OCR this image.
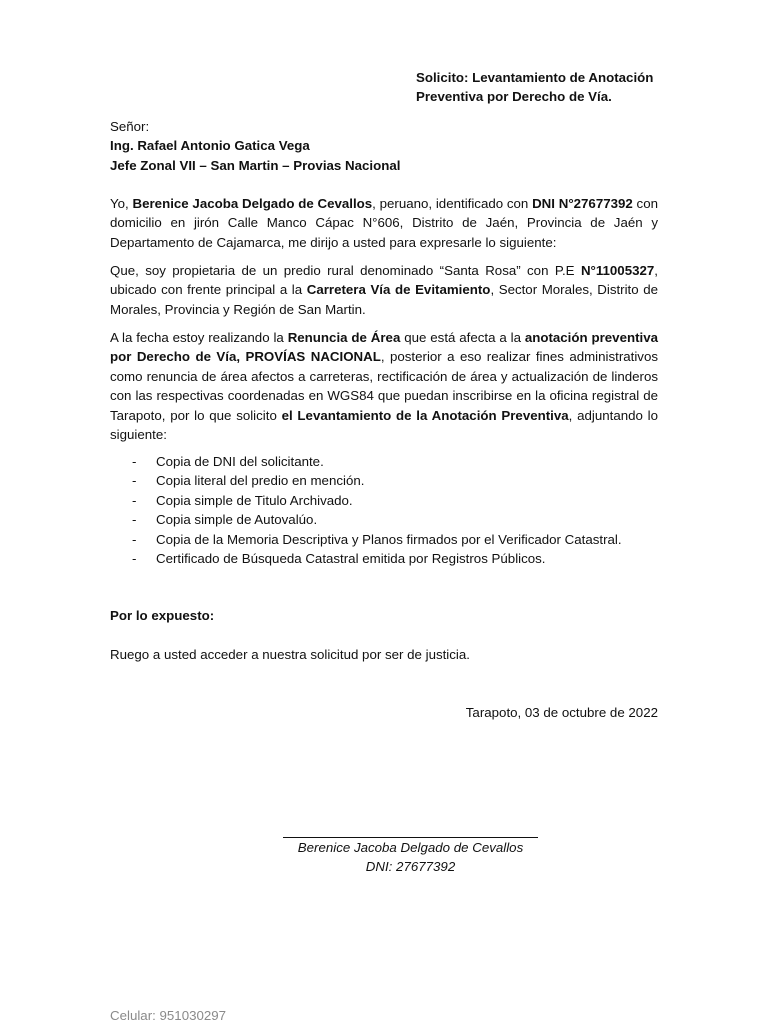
Solicito: Levantamiento de Anotación
Preventiva por Derecho de Vía.
Señor:
Ing. Rafael Antonio Gatica Vega
Jefe Zonal VII – San Martin – Provias Nacional
Yo, Berenice Jacoba Delgado de Cevallos, peruano, identificado con DNI N°27677392 con domicilio en jirón Calle Manco Cápac N°606, Distrito de Jaén, Provincia de Jaén y Departamento de Cajamarca, me dirijo a usted para expresarle lo siguiente:
Que, soy propietaria de un predio rural denominado “Santa Rosa” con P.E N°11005327, ubicado con frente principal a la Carretera Vía de Evitamiento, Sector Morales, Distrito de Morales, Provincia y Región de San Martin.
A la fecha estoy realizando la Renuncia de Área que está afecta a la anotación preventiva por Derecho de Vía, PROVÍAS NACIONAL, posterior a eso realizar fines administrativos como renuncia de área afectos a carreteras, rectificación de área y actualización de linderos con las respectivas coordenadas en WGS84 que puedan inscribirse en la oficina registral de Tarapoto, por lo que solicito el Levantamiento de la Anotación Preventiva, adjuntando lo siguiente:
- Copia de DNI del solicitante.
- Copia literal del predio en mención.
- Copia simple de Titulo Archivado.
- Copia simple de Autovalúo.
- Copia de la Memoria Descriptiva y Planos firmados por el Verificador Catastral.
- Certificado de Búsqueda Catastral emitida por Registros Públicos.
Por lo expuesto:
Ruego a usted acceder a nuestra solicitud por ser de justicia.
Tarapoto, 03 de octubre de 2022
Berenice Jacoba Delgado de Cevallos
DNI: 27677392
Celular: 951030297
